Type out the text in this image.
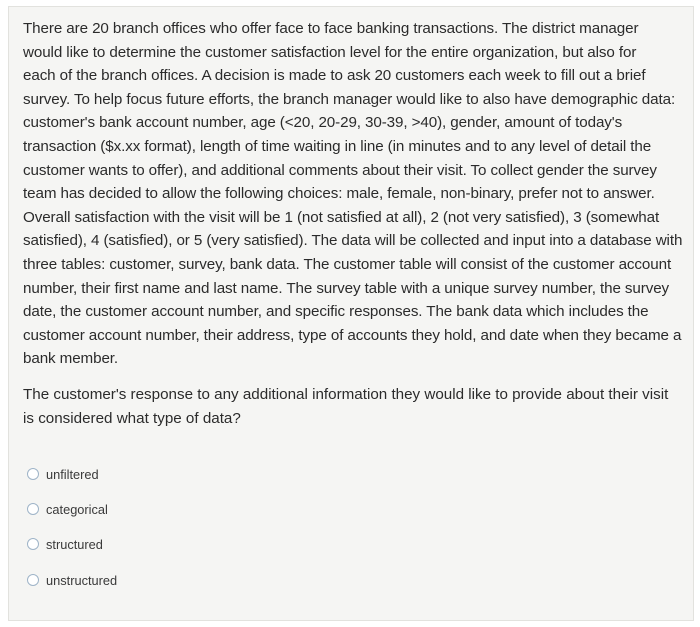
There are 20 branch offices who offer face to face banking transactions. The district manager
would like to determine the customer satisfaction level for the entire organization, but also for
each of the branch offices. A decision is made to ask 20 customers each week to fill out a brief
survey. To help focus future efforts, the branch manager would like to also have demographic data:
customer's bank account number, age (<20, 20-29, 30-39, >40), gender, amount of today's
transaction ($x.xx format), length of time waiting in line (in minutes and to any level of detail the
customer wants to offer), and additional comments about their visit. To collect gender the survey
team has decided to allow the following choices: male, female, non-binary, prefer not to answer.
Overall satisfaction with the visit will be 1 (not satisfied at all), 2 (not very satisfied), 3 (somewhat
satisfied), 4 (satisfied), or 5 (very satisfied). The data will be collected and input into a database with
three tables: customer, survey, bank data. The customer table will consist of the customer account
number, their first name and last name. The survey table with a unique survey number, the survey
date, the customer account number, and specific responses. The bank data which includes the
customer account number, their address, type of accounts they hold, and date when they became a
bank member.
The customer's response to any additional information they would like to provide about their visit
is considered what type of data?
unfiltered
categorical
structured
unstructured
